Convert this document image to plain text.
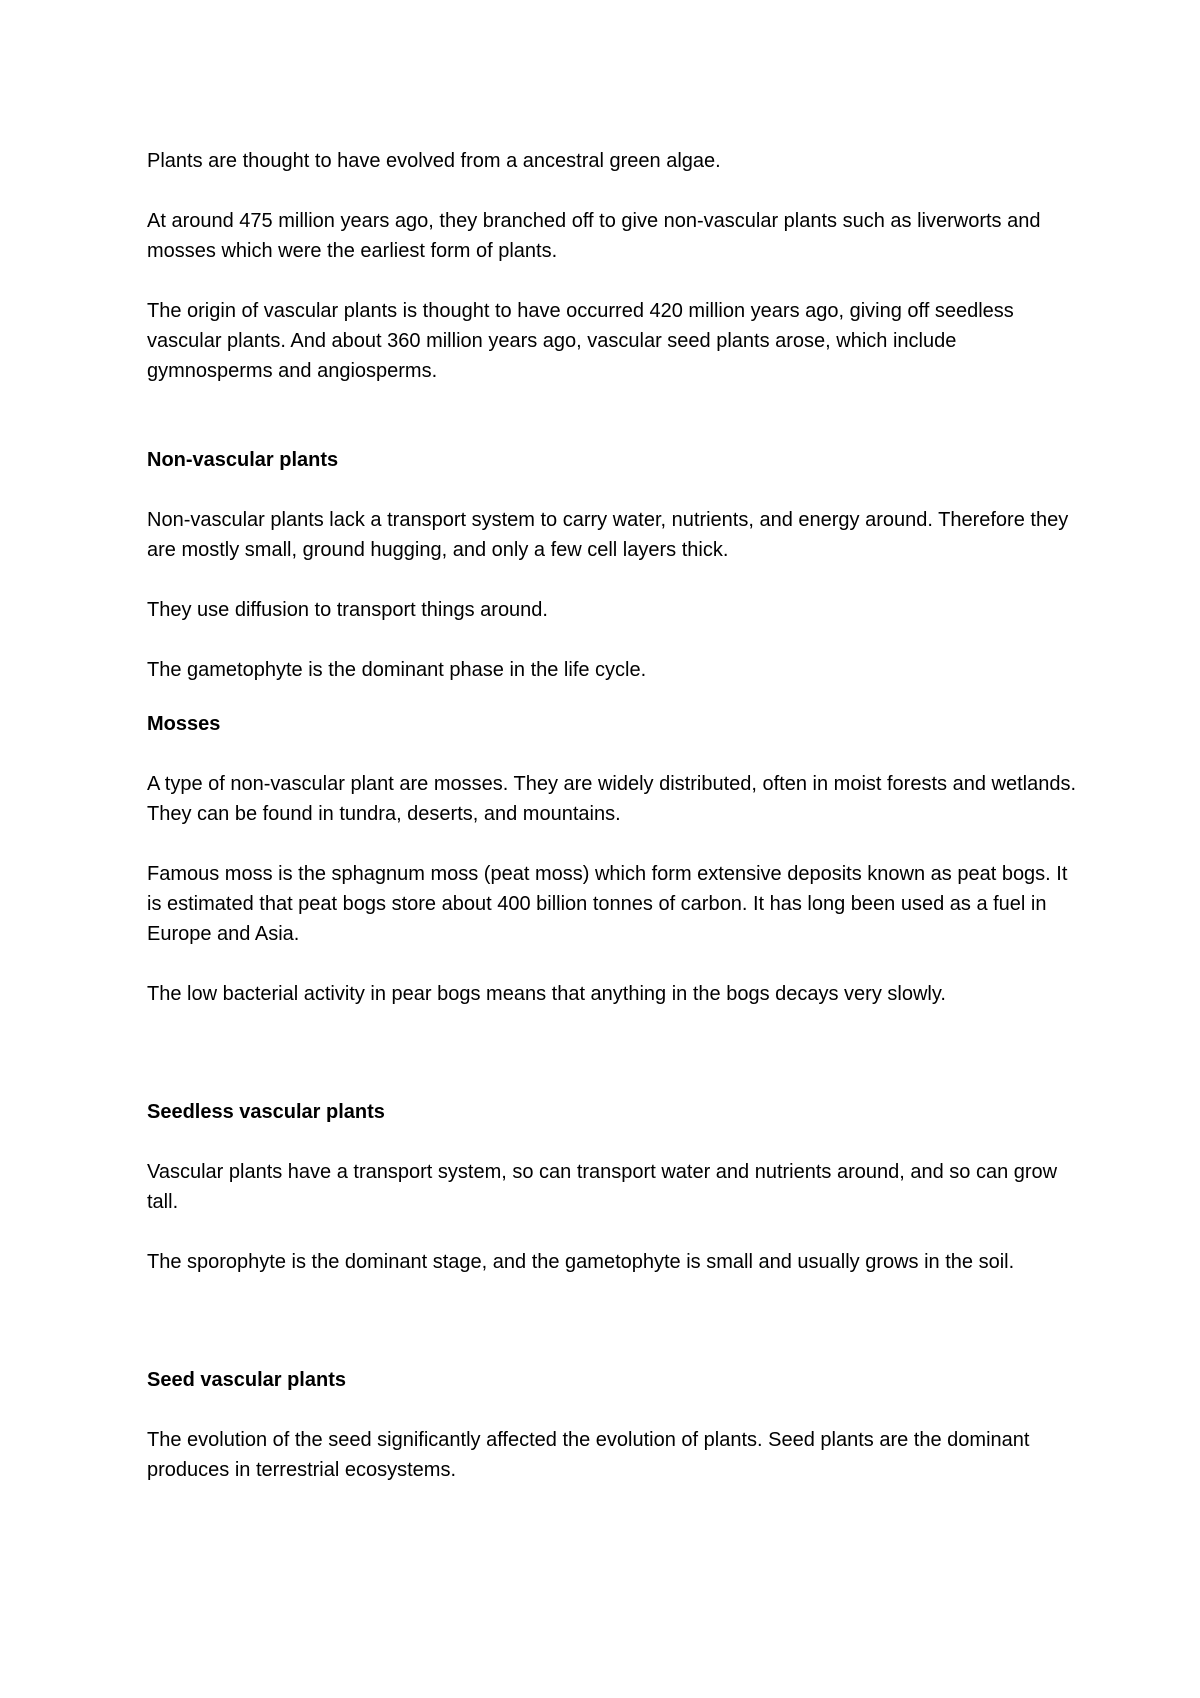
Plants are thought to have evolved from a ancestral green algae.

At around 475 million years ago, they branched off to give non-vascular plants such as liverworts and mosses which were the earliest form of plants.

The origin of vascular plants is thought to have occurred 420 million years ago, giving off seedless vascular plants. And about 360 million years ago, vascular seed plants arose, which include gymnosperms and angiosperms.

Non-vascular plants

Non-vascular plants lack a transport system to carry water, nutrients, and energy around. Therefore they are mostly small, ground hugging, and only a few cell layers thick.

They use diffusion to transport things around.

The gametophyte is the dominant phase in the life cycle.

Mosses

A type of non-vascular plant are mosses. They are widely distributed, often in moist forests and wetlands. They can be found in tundra, deserts, and mountains.

Famous moss is the sphagnum moss (peat moss) which form extensive deposits known as peat bogs. It is estimated that peat bogs store about 400 billion tonnes of carbon. It has long been used as a fuel in Europe and Asia.

The low bacterial activity in pear bogs means that anything in the bogs decays very slowly.

Seedless vascular plants

Vascular plants have a transport system, so can transport water and nutrients around, and so can grow tall.

The sporophyte is the dominant stage, and the gametophyte is small and usually grows in the soil.

Seed vascular plants

The evolution of the seed significantly affected the evolution of plants. Seed plants are the dominant produces in terrestrial ecosystems.
